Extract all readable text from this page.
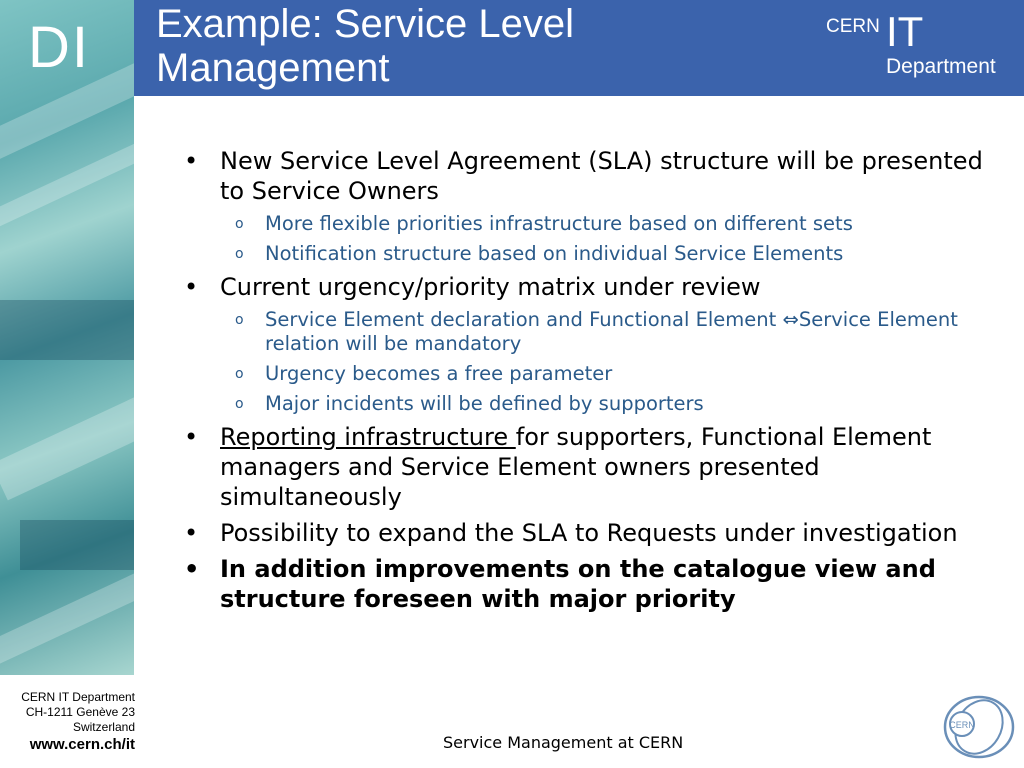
DI Example: Service Level Management
CERN IT
Department
• New Service Level Agreement (SLA) structure will be presented to Service Owners
o More flexible priorities infrastructure based on different sets
o Notification structure based on individual Service Elements
• Current urgency/priority matrix under review
o Service Element declaration and Functional Element ⇔Service Element relation will be mandatory
o Urgency becomes a free parameter
o Major incidents will be defined by supporters
• Reporting infrastructure for supporters, Functional Element managers and Service Element owners presented simultaneously
• Possibility to expand the SLA to Requests under investigation
• In addition improvements on the catalogue view and structure foreseen with major priority
CERN IT Department
CH-1211 Genève 23
Switzerland
www.cern.ch/it	Service Management at CERN
CERN
